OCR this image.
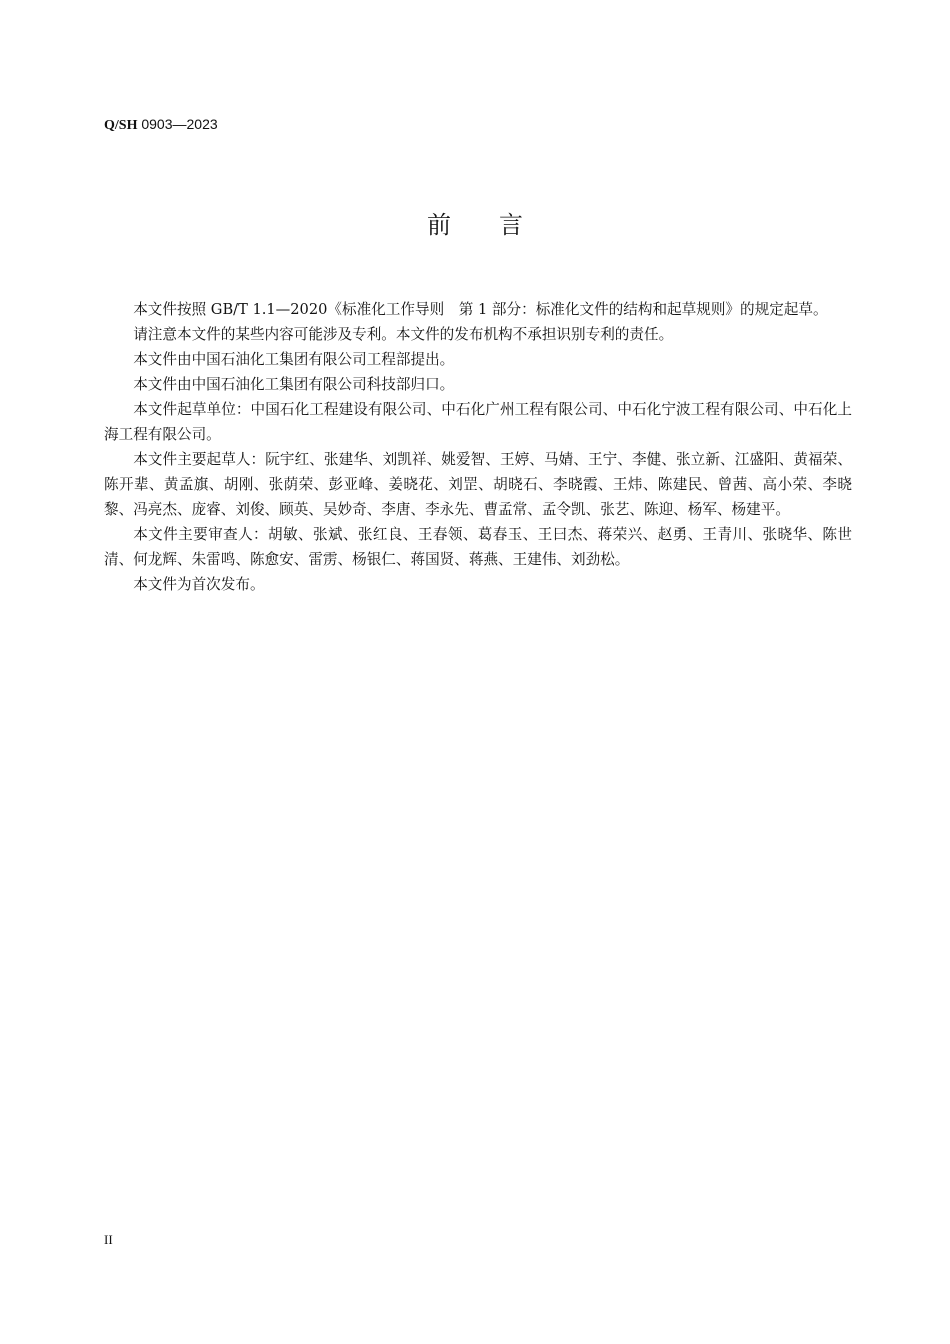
Q/SH 0903—2023
前言

本文件按照 GB/T 1.1—2020《标准化工作导则　第 1 部分：标准化文件的结构和起草规则》的规定起草。

请注意本文件的某些内容可能涉及专利。本文件的发布机构不承担识别专利的责任。

本文件由中国石油化工集团有限公司工程部提出。

本文件由中国石油化工集团有限公司科技部归口。

本文件起草单位：中国石化工程建设有限公司、中石化广州工程有限公司、中石化宁波工程有限公司、中石化上海工程有限公司。

本文件主要起草人：阮宇红、张建华、刘凯祥、姚爱智、王婷、马婧、王宁、李健、张立新、江盛阳、黄福荣、陈开辈、黄孟旗、胡刚、张荫荣、彭亚峰、姜晓花、刘罡、胡晓石、李晓霞、王炜、陈建民、曾茜、高小荣、李晓黎、冯亮杰、庞睿、刘俊、顾英、吴妙奇、李唐、李永先、曹孟常、孟令凯、张艺、陈迎、杨军、杨建平。

本文件主要审查人：胡敏、张斌、张红良、王春领、葛春玉、王曰杰、蒋荣兴、赵勇、王青川、张晓华、陈世清、何龙辉、朱雷鸣、陈愈安、雷雳、杨银仁、蒋国贤、蒋燕、王建伟、刘劲松。

本文件为首次发布。

II
